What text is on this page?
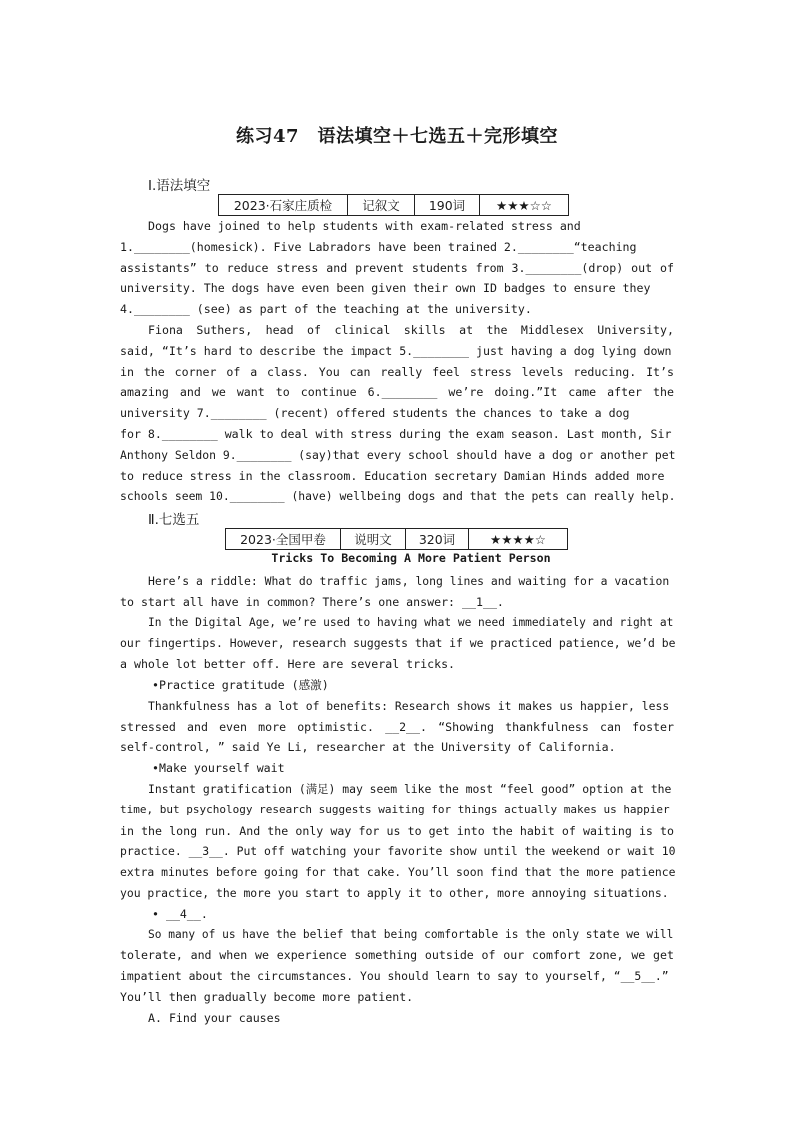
练习47　语法填空＋七选五＋完形填空
Ⅰ.语法填空
2023·石家庄质检	记叙文	190词	★★★☆☆
Dogs have joined to help students with exam-related stress and
1.________(homesick). Five Labradors have been trained 2.________“teaching
assistants” to reduce stress and prevent students from 3.________(drop) out of
university. The dogs have even been given their own ID badges to ensure they
4.________ (see) as part of the teaching at the university.
Fiona Suthers, head of clinical skills at the Middlesex University,
said, “It’s hard to describe the impact 5.________ just having a dog lying down
in the corner of a class. You can really feel stress levels reducing. It’s
amazing and we want to continue 6.________ we’re doing.”It came after the
university 7.________ (recent) offered students the chances to take a dog
for 8.________ walk to deal with stress during the exam season. Last month, Sir
Anthony Seldon 9.________ (say)that every school should have a dog or another pet
to reduce stress in the classroom. Education secretary Damian Hinds added more
schools seem 10.________ (have) wellbeing dogs and that the pets can really help.
Ⅱ.七选五
2023·全国甲卷	说明文	320词	★★★★☆
Tricks To Becoming A More Patient Person
Here’s a riddle: What do traffic jams, long lines and waiting for a vacation
to start all have in common? There’s one answer: __1__.
In the Digital Age, we’re used to having what we need immediately and right at
our fingertips. However, research suggests that if we practiced patience, we’d be
a whole lot better off. Here are several tricks.
•Practice gratitude (感激)
Thankfulness has a lot of benefits: Research shows it makes us happier, less
stressed and even more optimistic. __2__. “Showing thankfulness can foster
self-control, ” said Ye Li, researcher at the University of California.
•Make yourself wait
Instant gratification (满足) may seem like the most “feel good” option at the
time, but psychology research suggests waiting for things actually makes us happier
in the long run. And the only way for us to get into the habit of waiting is to
practice. __3__. Put off watching your favorite show until the weekend or wait 10
extra minutes before going for that cake. You’ll soon find that the more patience
you practice, the more you start to apply it to other, more annoying situations.
• __4__.
So many of us have the belief that being comfortable is the only state we will
tolerate, and when we experience something outside of our comfort zone, we get
impatient about the circumstances. You should learn to say to yourself, “__5__.”
You’ll then gradually become more patient.
A. Find your causes
